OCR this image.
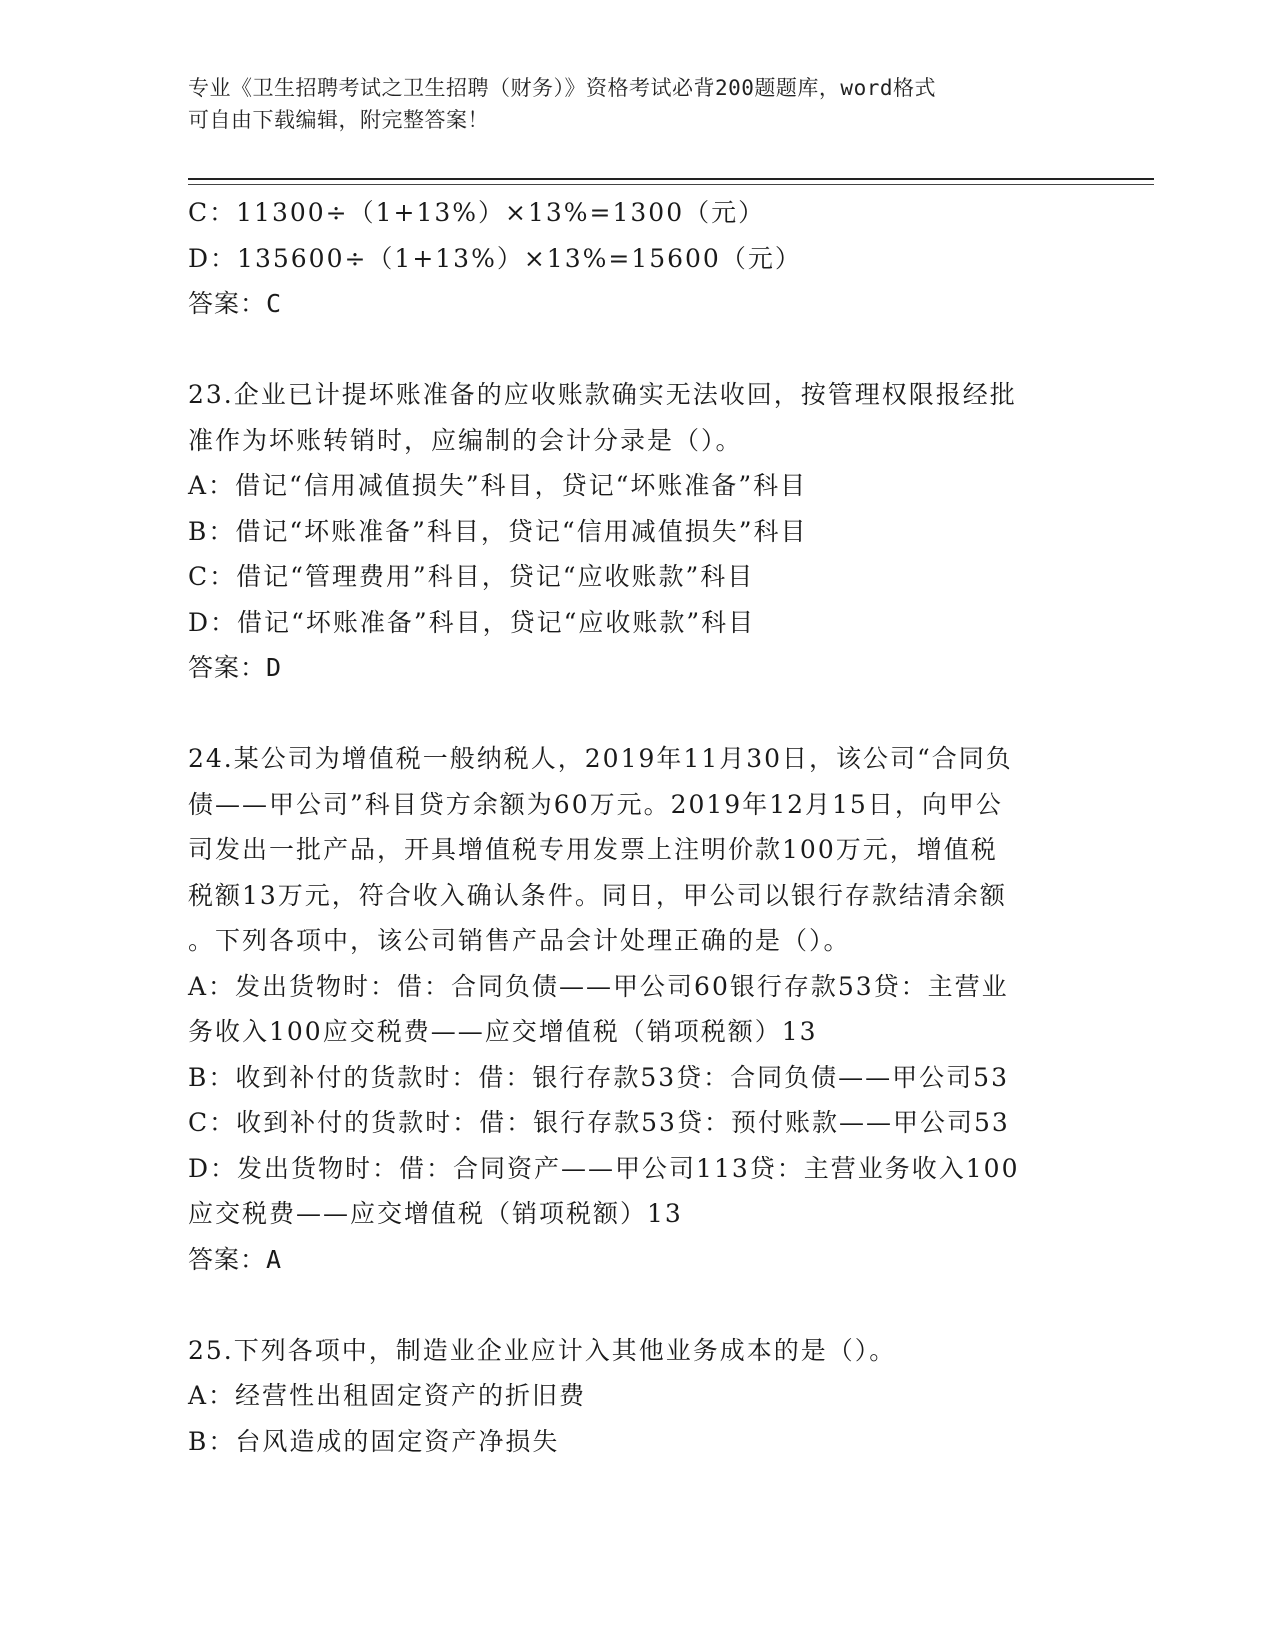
专业《卫生招聘考试之卫生招聘（财务）》资格考试必背200题题库，word格式
可自由下载编辑，附完整答案！
C：11300÷（1+13%）×13%=1300（元）
D：135600÷（1+13%）×13%=15600（元）
答案：C
23.企业已计提坏账准备的应收账款确实无法收回，按管理权限报经批
准作为坏账转销时，应编制的会计分录是（）。
A：借记“信用减值损失”科目，贷记“坏账准备”科目
B：借记“坏账准备”科目，贷记“信用减值损失”科目
C：借记“管理费用”科目，贷记“应收账款”科目
D：借记“坏账准备”科目，贷记“应收账款”科目
答案：D
24.某公司为增值税一般纳税人，2019年11月30日，该公司“合同负
债——甲公司”科目贷方余额为60万元。2019年12月15日，向甲公
司发出一批产品，开具增值税专用发票上注明价款100万元，增值税
税额13万元，符合收入确认条件。同日，甲公司以银行存款结清余额
。下列各项中，该公司销售产品会计处理正确的是（）。
A：发出货物时：借：合同负债——甲公司60银行存款53贷：主营业
务收入100应交税费——应交增值税（销项税额）13
B：收到补付的货款时：借：银行存款53贷：合同负债——甲公司53
C：收到补付的货款时：借：银行存款53贷：预付账款——甲公司53
D：发出货物时：借：合同资产——甲公司113贷：主营业务收入100
应交税费——应交增值税（销项税额）13
答案：A
25.下列各项中，制造业企业应计入其他业务成本的是（）。
A：经营性出租固定资产的折旧费
B：台风造成的固定资产净损失
